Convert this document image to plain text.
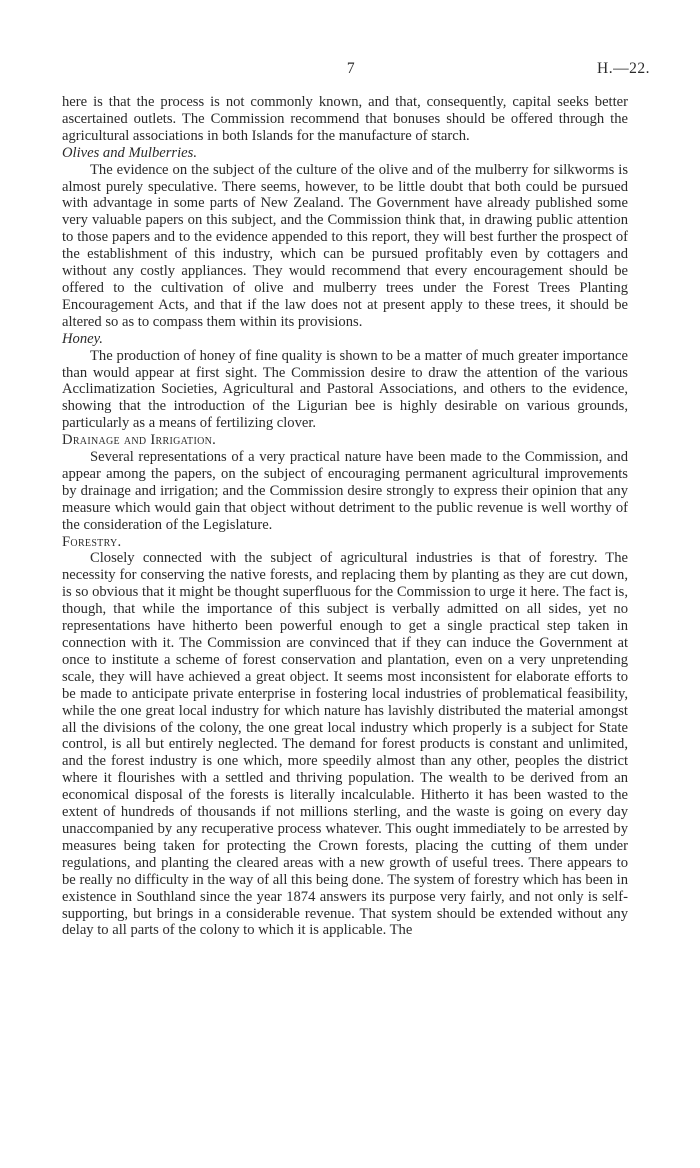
7	H.—22.

here is that the process is not commonly known, and that, consequently, capital seeks better ascertained outlets. The Commission recommend that bonuses should be offered through the agricultural associations in both Islands for the manufacture of starch.

Olives and Mulberries.

The evidence on the subject of the culture of the olive and of the mulberry for silkworms is almost purely speculative. There seems, however, to be little doubt that both could be pursued with advantage in some parts of New Zealand. The Government have already published some very valuable papers on this subject, and the Commission think that, in drawing public attention to those papers and to the evidence appended to this report, they will best further the prospect of the establishment of this industry, which can be pursued profitably even by cottagers and without any costly appliances. They would recommend that every encouragement should be offered to the cultivation of olive and mulberry trees under the Forest Trees Planting Encouragement Acts, and that if the law does not at present apply to these trees, it should be altered so as to compass them within its provisions.

Honey.

The production of honey of fine quality is shown to be a matter of much greater importance than would appear at first sight. The Commission desire to draw the attention of the various Acclimatization Societies, Agricultural and Pastoral Associations, and others to the evidence, showing that the introduction of the Ligurian bee is highly desirable on various grounds, particularly as a means of fertilizing clover.

Drainage and Irrigation.

Several representations of a very practical nature have been made to the Commission, and appear among the papers, on the subject of encouraging permanent agricultural improvements by drainage and irrigation; and the Commission desire strongly to express their opinion that any measure which would gain that object without detriment to the public revenue is well worthy of the consideration of the Legislature.

Forestry.

Closely connected with the subject of agricultural industries is that of forestry. The necessity for conserving the native forests, and replacing them by planting as they are cut down, is so obvious that it might be thought superfluous for the Commission to urge it here. The fact is, though, that while the importance of this subject is verbally admitted on all sides, yet no representations have hitherto been powerful enough to get a single practical step taken in connection with it. The Commission are convinced that if they can induce the Government at once to institute a scheme of forest conservation and plantation, even on a very unpretending scale, they will have achieved a great object. It seems most inconsistent for elaborate efforts to be made to anticipate private enterprise in fostering local industries of problematical feasibility, while the one great local industry for which nature has lavishly distributed the material amongst all the divisions of the colony, the one great local industry which properly is a subject for State control, is all but entirely neglected. The demand for forest products is constant and unlimited, and the forest industry is one which, more speedily almost than any other, peoples the district where it flourishes with a settled and thriving population. The wealth to be derived from an economical disposal of the forests is literally incalculable. Hitherto it has been wasted to the extent of hundreds of thousands if not millions sterling, and the waste is going on every day unaccompanied by any recuperative process whatever. This ought immediately to be arrested by measures being taken for protecting the Crown forests, placing the cutting of them under regulations, and planting the cleared areas with a new growth of useful trees. There appears to be really no difficulty in the way of all this being done. The system of forestry which has been in existence in Southland since the year 1874 answers its purpose very fairly, and not only is self-supporting, but brings in a considerable revenue. That system should be extended without any delay to all parts of the colony to which it is applicable. The
